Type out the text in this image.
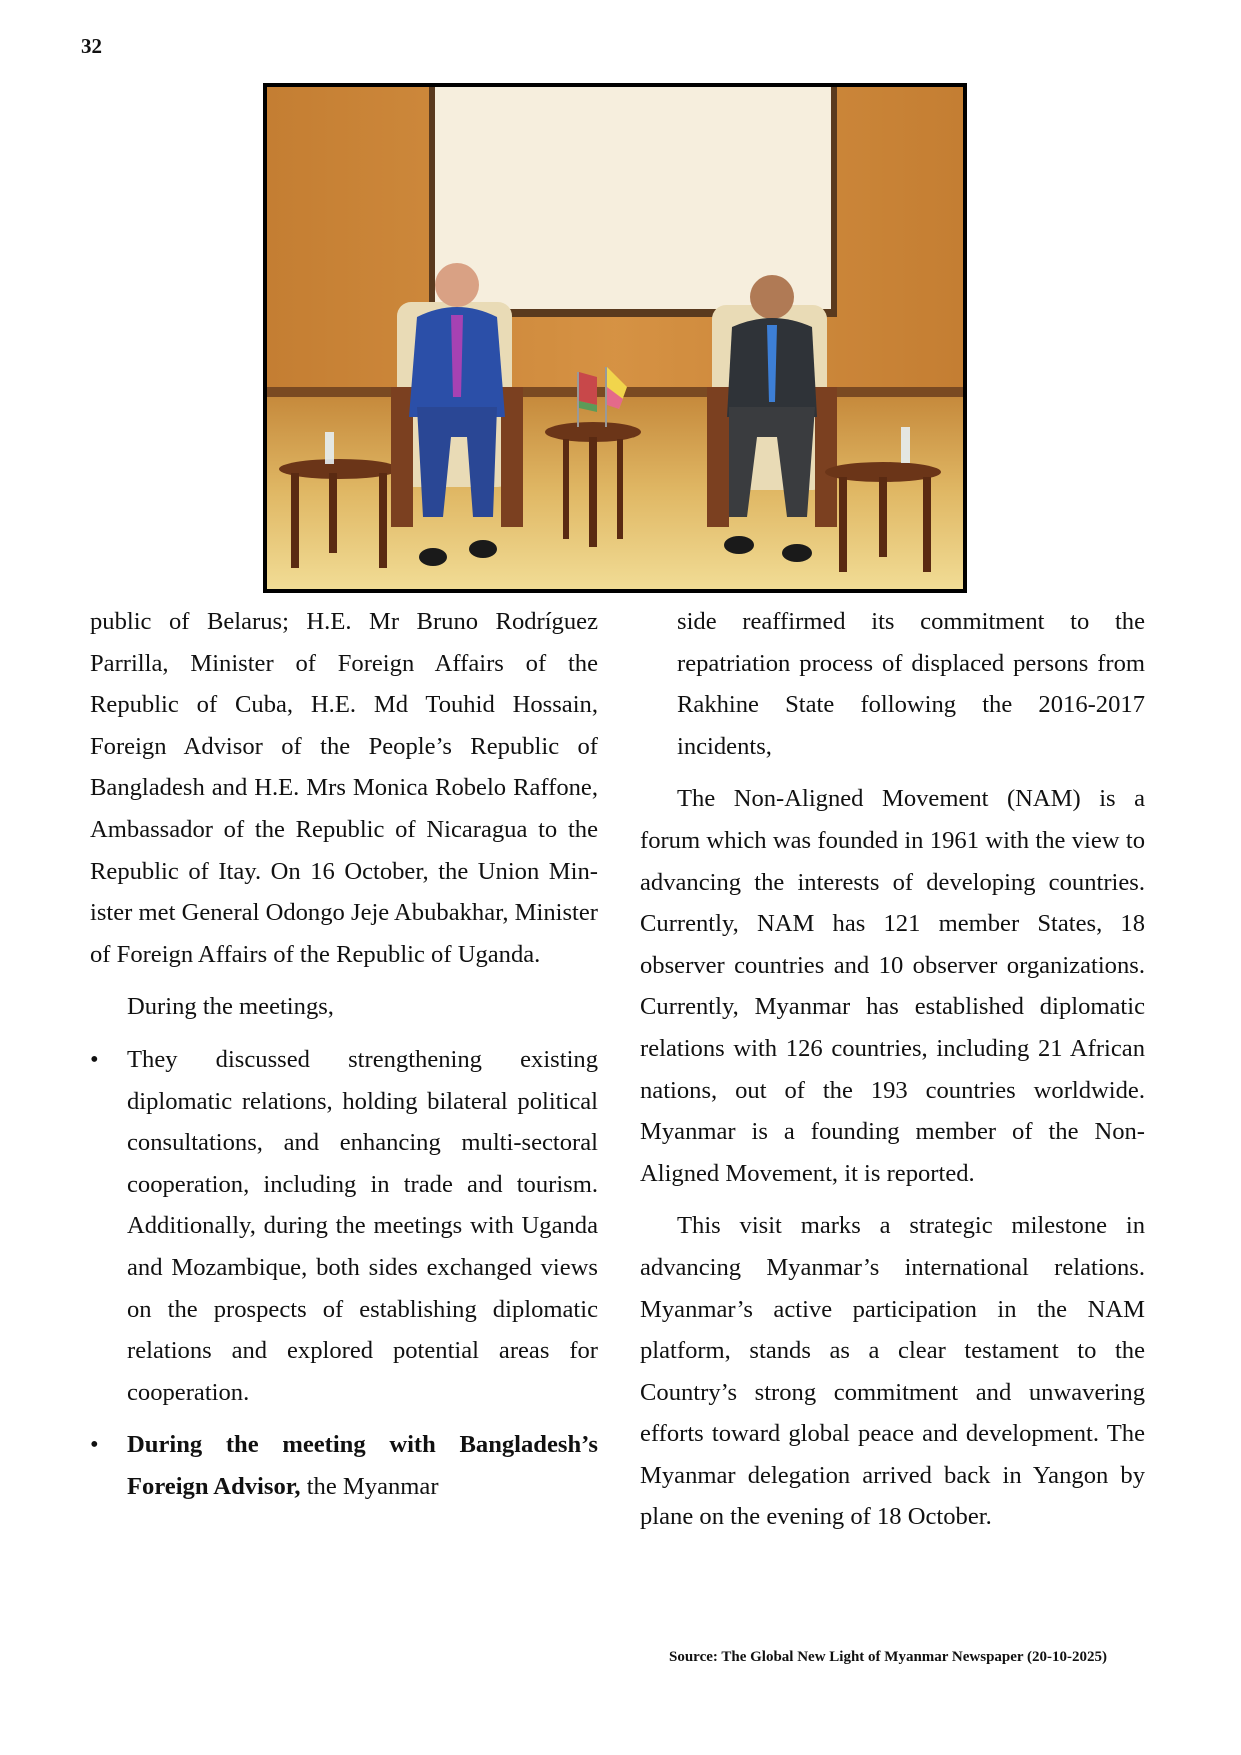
32

public of Belarus; H.E. Mr Bruno Rodríguez Parrilla, Minister of Foreign Affairs of the Republic of Cuba, H.E. Md Touhid Hossain, Foreign Advisor of the People’s Republic of Bangladesh and H.E. Mrs Monica Robelo Raffone, Ambassador of the Republic of Nicaragua to the Republic of Itay. On 16 October, the Union Minister met General Odongo Jeje Abubakhar, Minister of Foreign Affairs of the Republic of Uganda.

During the meetings,

• They discussed strengthening existing diplomatic relations, holding bilateral political consultations, and enhancing multi-sectoral cooperation, including in trade and tourism. Additionally, during the meetings with Uganda and Mozambique, both sides exchanged views on the prospects of establishing diplomatic relations and explored potential areas for cooperation.
• During the meeting with Bangladesh’s Foreign Advisor, the Myanmar

side reaffirmed its commitment to the repatriation process of displaced persons from Rakhine State following the 2016-2017 incidents,

The Non-Aligned Movement (NAM) is a forum which was founded in 1961 with the view to advancing the interests of developing countries. Currently, NAM has 121 member States, 18 observer countries and 10 observer organizations. Currently, Myanmar has established diplomatic relations with 126 countries, including 21 African nations, out of the 193 countries worldwide. Myanmar is a founding member of the Non-Aligned Movement, it is reported.

This visit marks a strategic milestone in advancing Myanmar’s international relations. Myanmar’s active participation in the NAM platform, stands as a clear testament to the Country’s strong commitment and unwavering efforts toward global peace and development. The Myanmar delegation arrived back in Yangon by plane on the evening of 18 October.

Source: The Global New Light of Myanmar Newspaper (20-10-2025)
